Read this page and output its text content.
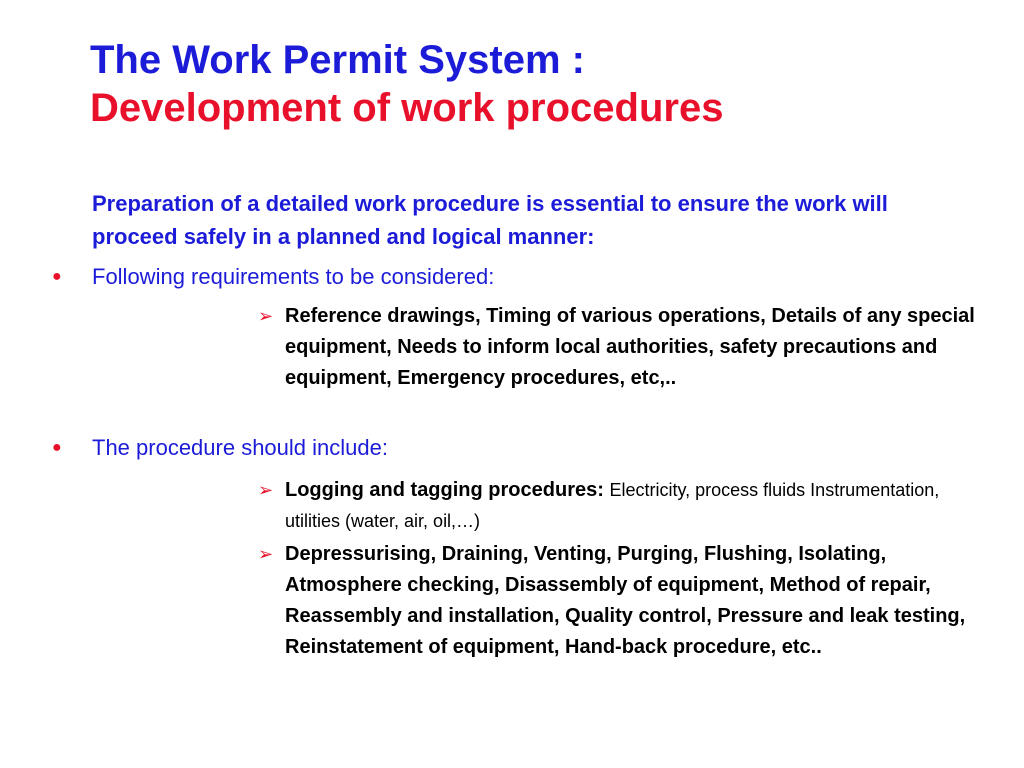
The Work Permit System :
Development of work procedures
Preparation of a detailed work procedure is essential to ensure the work will proceed safely in a planned and logical manner:
● Following requirements to be considered:
➢ Reference drawings, Timing of various operations, Details of any special equipment, Needs to inform local authorities, safety precautions and equipment, Emergency procedures, etc,..
● The procedure should include:
➢ Logging and tagging procedures: Electricity, process fluids Instrumentation, utilities (water, air, oil,…)
➢ Depressurising, Draining, Venting, Purging, Flushing, Isolating, Atmosphere checking, Disassembly of equipment, Method of repair, Reassembly and installation, Quality control, Pressure and leak testing, Reinstatement of equipment, Hand-back procedure, etc..
